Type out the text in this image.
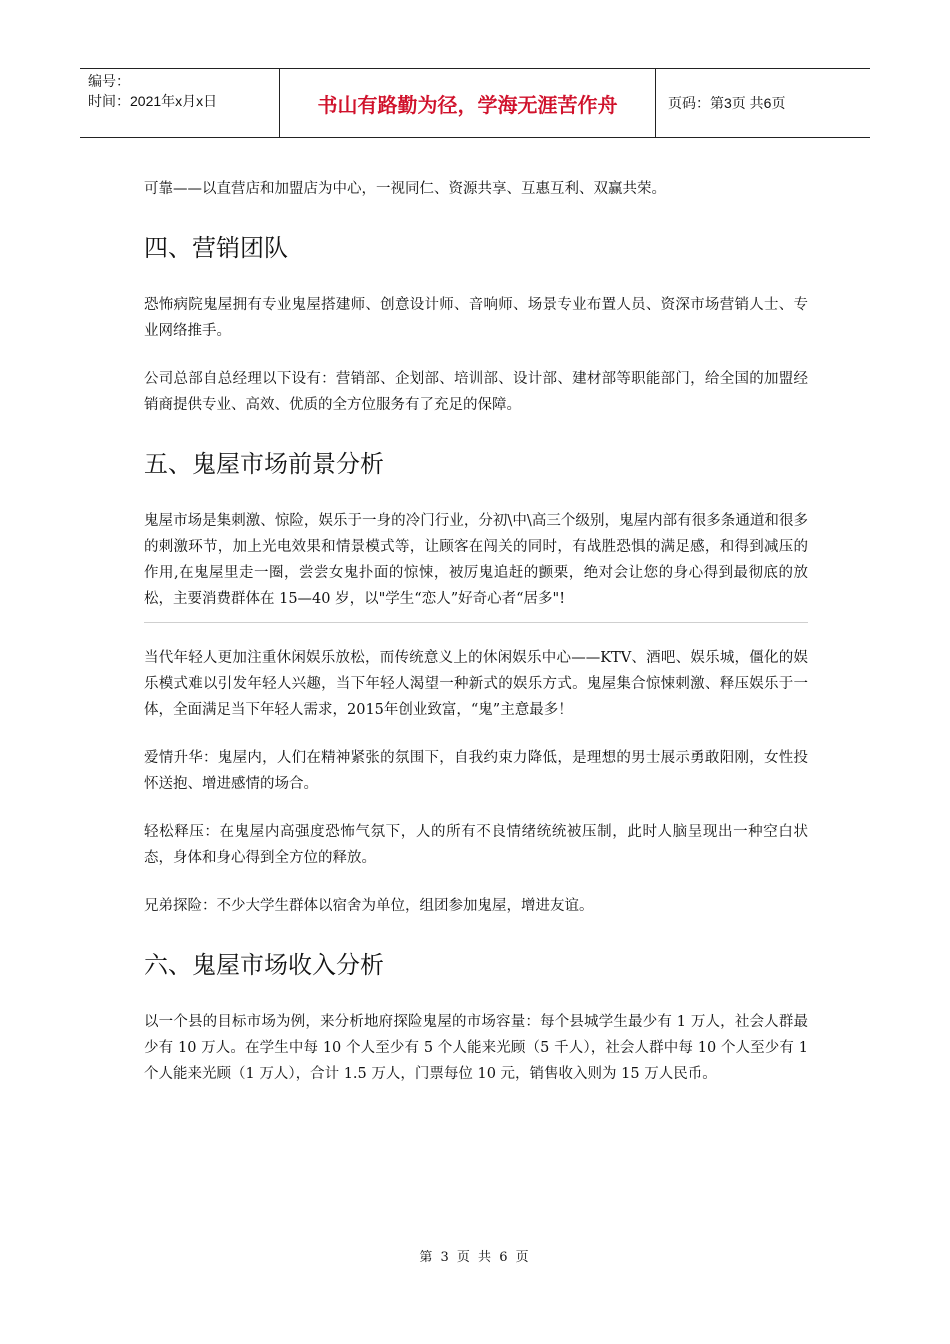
编号：
时间：2021年x月x日	书山有路勤为径，学海无涯苦作舟	页码：第3页 共6页

可靠——以直营店和加盟店为中心，一视同仁、资源共享、互惠互利、双赢共荣。

四、营销团队

恐怖病院鬼屋拥有专业鬼屋搭建师、创意设计师、音响师、场景专业布置人员、资深市场营销人士、专业网络推手。

公司总部自总经理以下设有：营销部、企划部、培训部、设计部、建材部等职能部门，给全国的加盟经销商提供专业、高效、优质的全方位服务有了充足的保障。

五、鬼屋市场前景分析

鬼屋市场是集刺激、惊险，娱乐于一身的冷门行业，分初\中\高三个级别，鬼屋内部有很多条通道和很多的刺激环节，加上光电效果和情景模式等，让顾客在闯关的同时，有战胜恐惧的满足感，和得到减压的作用,在鬼屋里走一圈，尝尝女鬼扑面的惊悚，被厉鬼追赶的颤栗，绝对会让您的身心得到最彻底的放松，主要消费群体在 15—40 岁，以"学生“恋人”好奇心者“居多"!

当代年轻人更加注重休闲娱乐放松，而传统意义上的休闲娱乐中心——KTV、酒吧、娱乐城，僵化的娱乐模式难以引发年轻人兴趣，当下年轻人渴望一种新式的娱乐方式。鬼屋集合惊悚刺激、释压娱乐于一体，全面满足当下年轻人需求，2015年创业致富，“鬼”主意最多！

爱情升华：鬼屋内，人们在精神紧张的氛围下，自我约束力降低，是理想的男士展示勇敢阳刚，女性投怀送抱、增进感情的场合。

轻松释压：在鬼屋内高强度恐怖气氛下，人的所有不良情绪统统被压制，此时人脑呈现出一种空白状态，身体和身心得到全方位的释放。

兄弟探险：不少大学生群体以宿舍为单位，组团参加鬼屋，增进友谊。

六、鬼屋市场收入分析

以一个县的目标市场为例，来分析地府探险鬼屋的市场容量：每个县城学生最少有 1 万人，社会人群最少有 10 万人。在学生中每 10 个人至少有 5 个人能来光顾（5 千人），社会人群中每 10 个人至少有 1 个人能来光顾（1 万人），合计 1.5 万人，门票每位 10 元，销售收入则为 15 万人民币。

第 3 页 共 6 页
